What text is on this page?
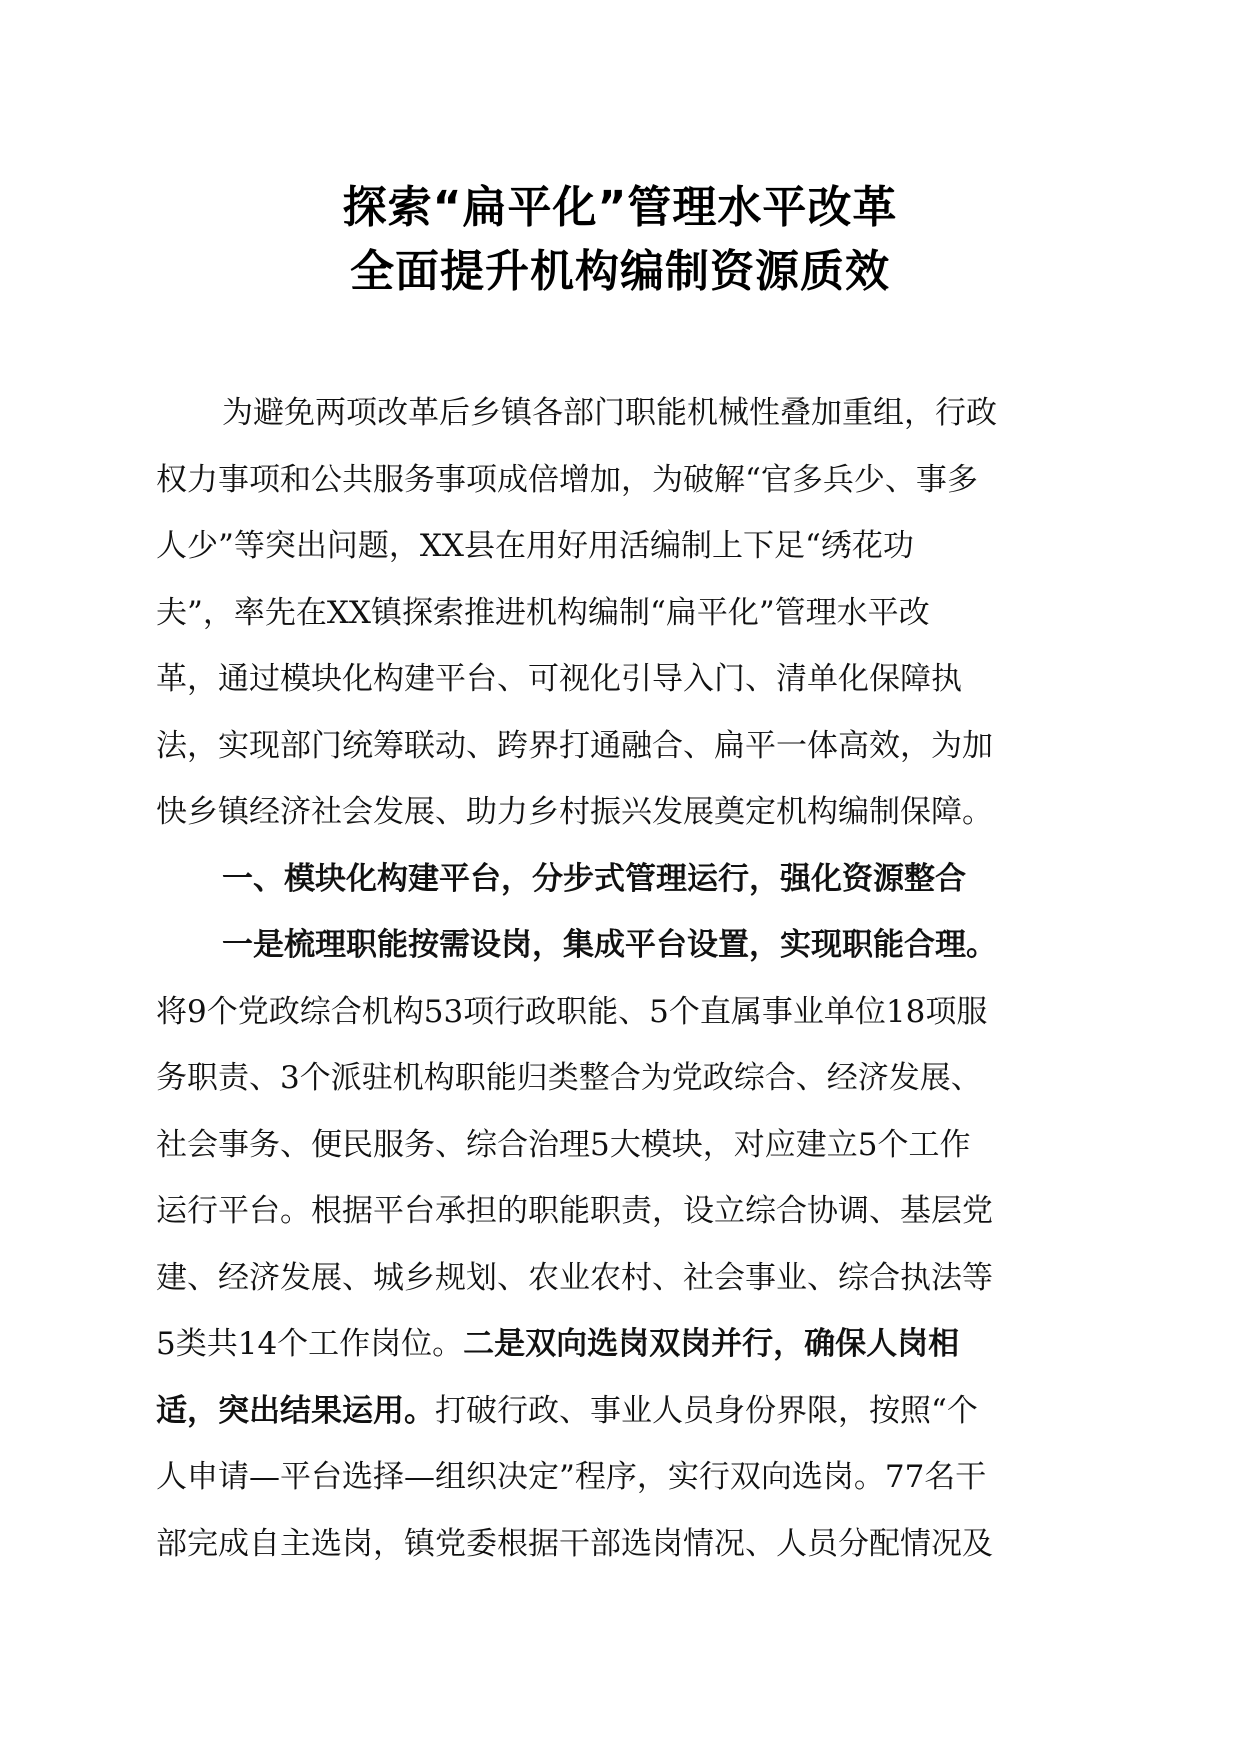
探索“扁平化”管理水平改革
全面提升机构编制资源质效
为避免两项改革后乡镇各部门职能机械性叠加重组，行政
权力事项和公共服务事项成倍增加，为破解“官多兵少、事多
人少”等突出问题，XX县在用好用活编制上下足“绣花功
夫”，率先在XX镇探索推进机构编制“扁平化”管理水平改
革，通过模块化构建平台、可视化引导入门、清单化保障执
法，实现部门统筹联动、跨界打通融合、扁平一体高效，为加
快乡镇经济社会发展、助力乡村振兴发展奠定机构编制保障。
一、模块化构建平台，分步式管理运行，强化资源整合
一是梳理职能按需设岗，集成平台设置，实现职能合理。
将9个党政综合机构53项行政职能、5个直属事业单位18项服
务职责、3个派驻机构职能归类整合为党政综合、经济发展、
社会事务、便民服务、综合治理5大模块，对应建立5个工作
运行平台。根据平台承担的职能职责，设立综合协调、基层党
建、经济发展、城乡规划、农业农村、社会事业、综合执法等
5类共14个工作岗位。二是双向选岗双岗并行，确保人岗相
适，突出结果运用。打破行政、事业人员身份界限，按照“个
人申请—平台选择—组织决定”程序，实行双向选岗。77名干
部完成自主选岗，镇党委根据干部选岗情况、人员分配情况及
